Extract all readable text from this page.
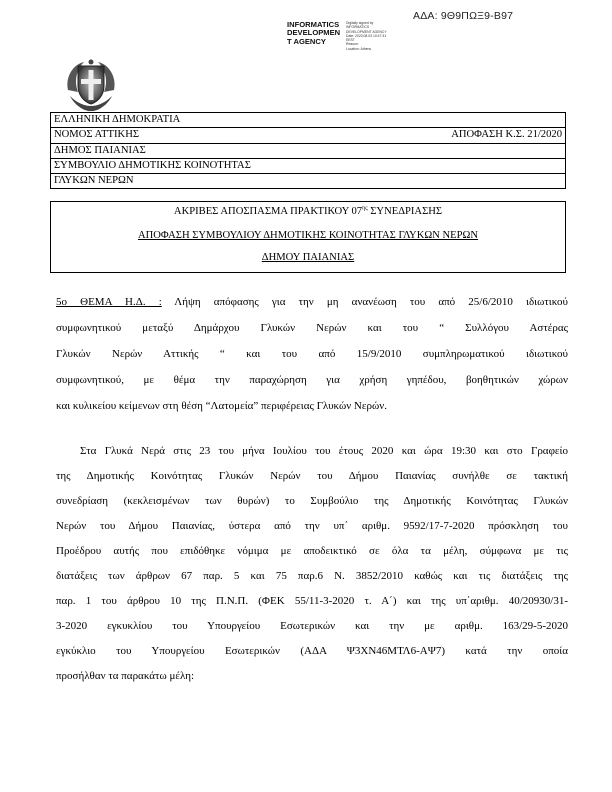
ΑΔΑ: 9Θ9ΠΩΞ9-Β97
INFORMATICS
DEVELOPMEN
T AGENCY
Digitally signed by
INFORMATICS
DEVELOPMENT AGENCY
Date: 2020.08.03 10:47:31
EEST
Reason:
Location: Athens
ΕΛΛΗΝΙΚΗ ΔΗΜΟΚΡΑΤΙΑ
ΝΟΜΟΣ ΑΤΤΙΚΗΣ	ΑΠΟΦΑΣΗ Κ.Σ. 21/2020
ΔΗΜΟΣ ΠΑΙΑΝΙΑΣ
ΣΥΜΒΟΥΛΙΟ ΔΗΜΟΤΙΚΗΣ ΚΟΙΝΟΤΗΤΑΣ
ΓΛΥΚΩΝ ΝΕΡΩΝ
ΑΚΡΙΒΕΣ ΑΠΟΣΠΑΣΜΑ ΠΡΑΚΤΙΚΟΥ $07^{\eta\varsigma}$ ΣΥΝΕΔΡΙΑΣΗΣ
ΑΠΟΦΑΣΗ ΣΥΜΒΟΥΛΙΟΥ ΔΗΜΟΤΙΚΗΣ ΚΟΙΝΟΤΗΤΑΣ ΓΛΥΚΩΝ ΝΕΡΩΝ
ΔΗΜΟΥ ΠΑΙΑΝΙΑΣ
5ο ΘΕΜΑ Η.Δ. : Λήψη απόφασης για την μη ανανέωση του από 25/6/2010 ιδιωτικού
συμφωνητικού μεταξύ Δημάρχου Γλυκών Νερών και του “ Συλλόγου Αστέρας
Γλυκών Νερών Αττικής “ και του από 15/9/2010 συμπληρωματικού ιδιωτικού
συμφωνητικού, με θέμα την παραχώρηση για χρήση γηπέδου, βοηθητικών χώρων
και κυλικείου κείμενων στη θέση “Λατομεία” περιφέρειας Γλυκών Νερών.
Στα Γλυκά Νερά στις 23 του μήνα Ιουλίου του έτους 2020 και ώρα 19:30 και στο Γραφείο
της Δημοτικής Κοινότητας Γλυκών Νερών του Δήμου Παιανίας συνήλθε σε τακτική
συνεδρίαση (κεκλεισμένων των θυρών) το Συμβούλιο της Δημοτικής Κοινότητας Γλυκών
Νερών του Δήμου Παιανίας, ύστερα από την υπ΄ αριθμ. 9592/17-7-2020 πρόσκληση του
Προέδρου αυτής που επιδόθηκε νόμιμα με αποδεικτικό σε όλα τα μέλη, σύμφωνα με τις
διατάξεις των άρθρων 67 παρ. 5 και 75 παρ.6 Ν. 3852/2010 καθώς και τις διατάξεις της
παρ. 1 του άρθρου 10 της Π.Ν.Π. (ΦΕΚ 55/11-3-2020 τ. Α΄) και της υπ΄αριθμ. 40/20930/31-
3-2020 εγκυκλίου του Υπουργείου Εσωτερικών και την με αριθμ. 163/29-5-2020
εγκύκλιο του Υπουργείου Εσωτερικών (ΑΔΑ Ψ3ΧΝ46ΜΤΛ6-ΑΨ7) κατά την οποία
προσήλθαν τα παρακάτω μέλη:
